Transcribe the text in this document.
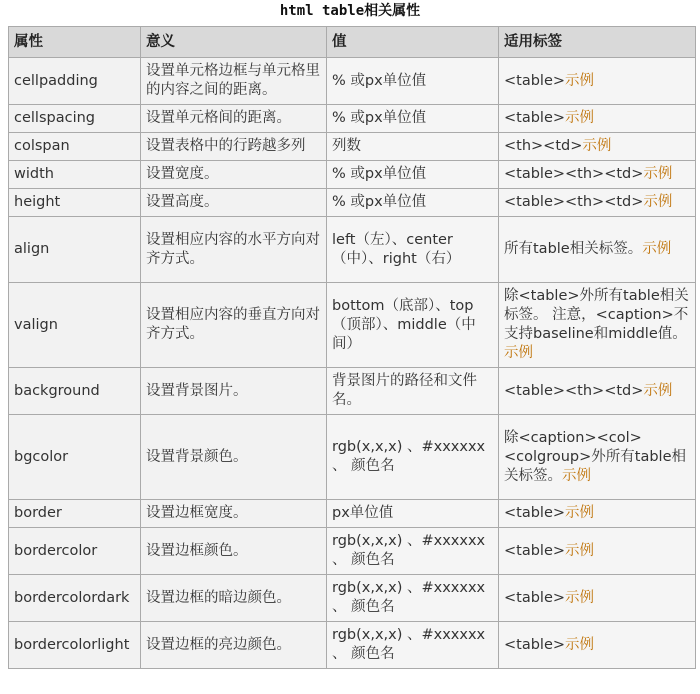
html table相关属性
属性	意义	值	适用标签
cellpadding	设置单元格边框与单元格里的内容之间的距离。	% 或px单位值	<table>示例
cellspacing	设置单元格间的距离。	% 或px单位值	<table>示例
colspan	设置表格中的行跨越多列	列数	<th><td>示例
width	设置宽度。	% 或px单位值	<table><th><td>示例
height	设置高度。	% 或px单位值	<table><th><td>示例
align	设置相应内容的水平方向对齐方式。	left（左）、center（中）、right（右）	所有table相关标签。示例
valign	设置相应内容的垂直方向对齐方式。	bottom（底部）、top（顶部）、middle（中间）	除<table>外所有table相关标签。 注意，<caption>不支持baseline和middle值。示例
background	设置背景图片。	背景图片的路径和文件名。	<table><th><td>示例
bgcolor	设置背景颜色。	rgb(x,x,x) 、#xxxxxx 、 颜色名	除<caption><col><colgroup>外所有table相关标签。示例
border	设置边框宽度。	px单位值	<table>示例
bordercolor	设置边框颜色。	rgb(x,x,x) 、#xxxxxx 、 颜色名	<table>示例
bordercolordark	设置边框的暗边颜色。	rgb(x,x,x) 、#xxxxxx 、 颜色名	<table>示例
bordercolorlight	设置边框的亮边颜色。	rgb(x,x,x) 、#xxxxxx 、 颜色名	<table>示例
